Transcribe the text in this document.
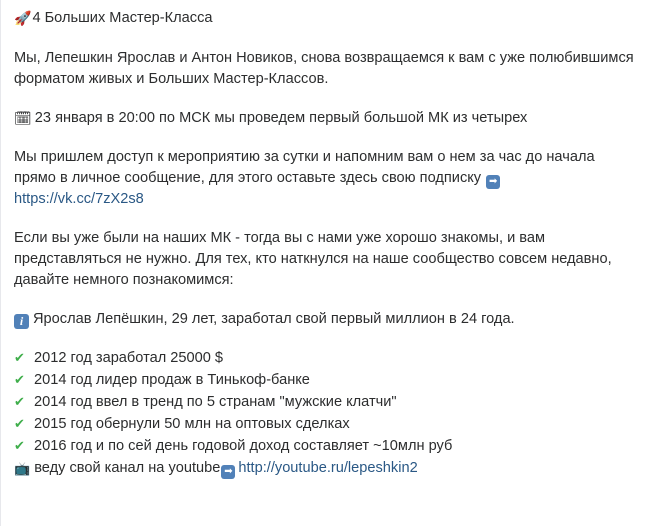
🚀4 Больших Мастер-Класса

Мы, Лепешкин Ярослав и Антон Новиков, снова возвращаемся к вам с уже полюбившимся форматом живых и Больших Мастер-Классов.

🗓 23 января в 20:00 по МСК мы проведем первый большой МК из четырех

Мы пришлем доступ к мероприятию за сутки и напомним вам о нем за час до начала прямо в личное сообщение, для этого оставьте здесь свою подписку ➡
https://vk.cc/7zX2s8

Если вы уже были на наших МК - тогда вы с нами уже хорошо знакомы, и вам представляться не нужно. Для тех, кто наткнулся на наше сообщество совсем недавно, давайте немного познакомимся:

i Ярослав Лепёшкин, 29 лет, заработал свой первый миллион в 24 года.

✔ 2012 год заработал 25000 $
✔ 2014 год лидер продаж в Тинькоф-банке
✔ 2014 год ввел в тренд по 5 странам "мужские клатчи"
✔ 2015 год обернули 50 млн на оптовых сделках
✔ 2016 год и по сей день годовой доход составляет ~10млн руб
📺 веду свой канал на youtube ➡ http://youtube.ru/lepeshkin2
